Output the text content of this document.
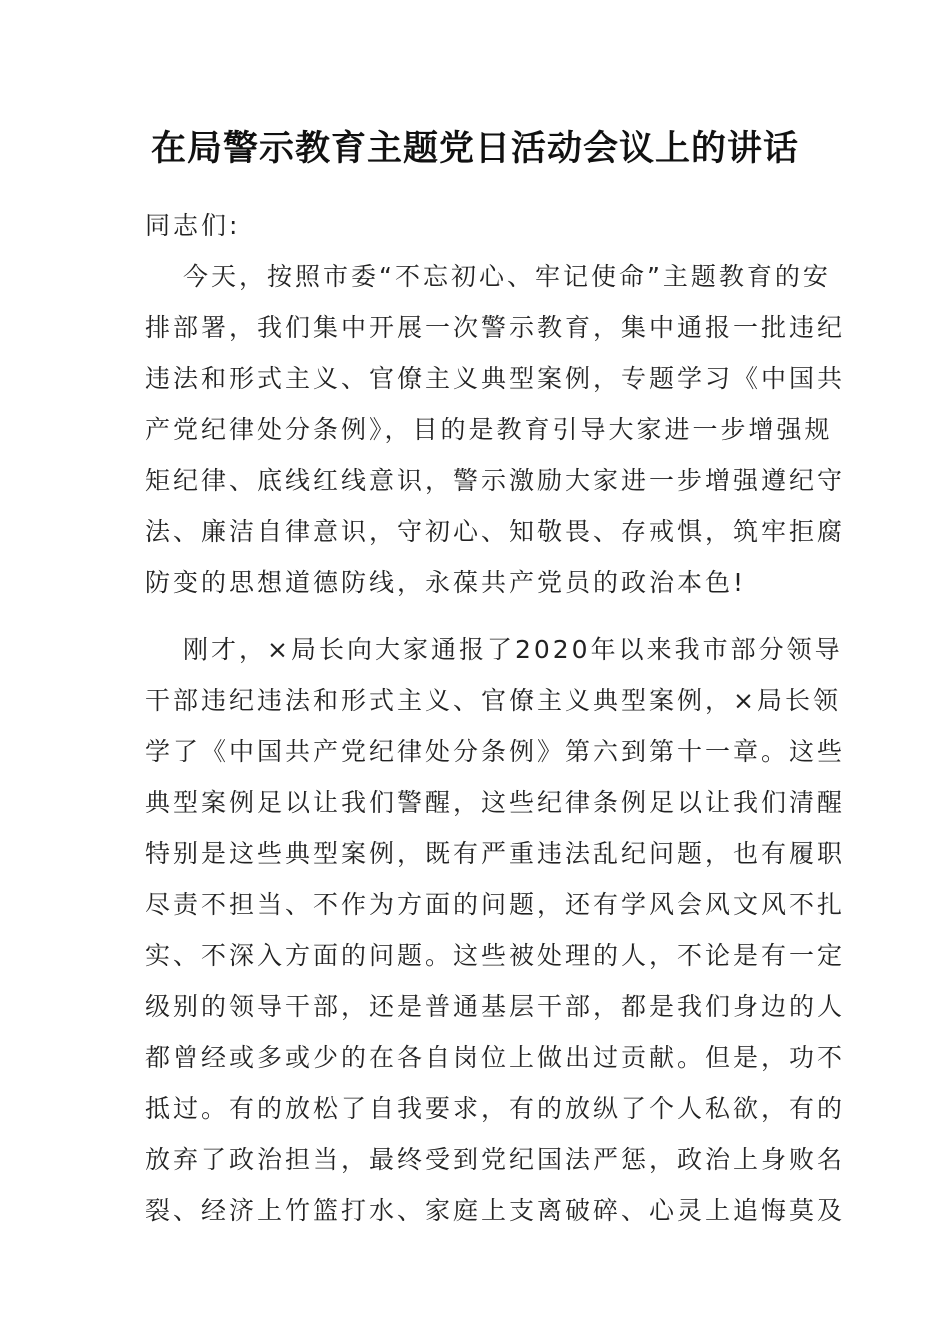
在局警示教育主题党日活动会议上的讲话

同志们:

今天，按照市委“不忘初心、牢记使命”主题教育的安
排部署，我们集中开展一次警示教育，集中通报一批违纪
违法和形式主义、官僚主义典型案例，专题学习《中国共
产党纪律处分条例》，目的是教育引导大家进一步增强规
矩纪律、底线红线意识，警示激励大家进一步增强遵纪守
法、廉洁自律意识，守初心、知敬畏、存戒惧，筑牢拒腐
防变的思想道德防线，永葆共产党员的政治本色!
刚才，×局长向大家通报了2020年以来我市部分领导
干部违纪违法和形式主义、官僚主义典型案例，×局长领
学了《中国共产党纪律处分条例》第六到第十一章。这些
典型案例足以让我们警醒，这些纪律条例足以让我们清醒
特别是这些典型案例，既有严重违法乱纪问题，也有履职
尽责不担当、不作为方面的问题，还有学风会风文风不扎
实、不深入方面的问题。这些被处理的人，不论是有一定
级别的领导干部，还是普通基层干部，都是我们身边的人
都曾经或多或少的在各自岗位上做出过贡献。但是，功不
抵过。有的放松了自我要求，有的放纵了个人私欲，有的
放弃了政治担当，最终受到党纪国法严惩，政治上身败名
裂、经济上竹篮打水、家庭上支离破碎、心灵上追悔莫及
